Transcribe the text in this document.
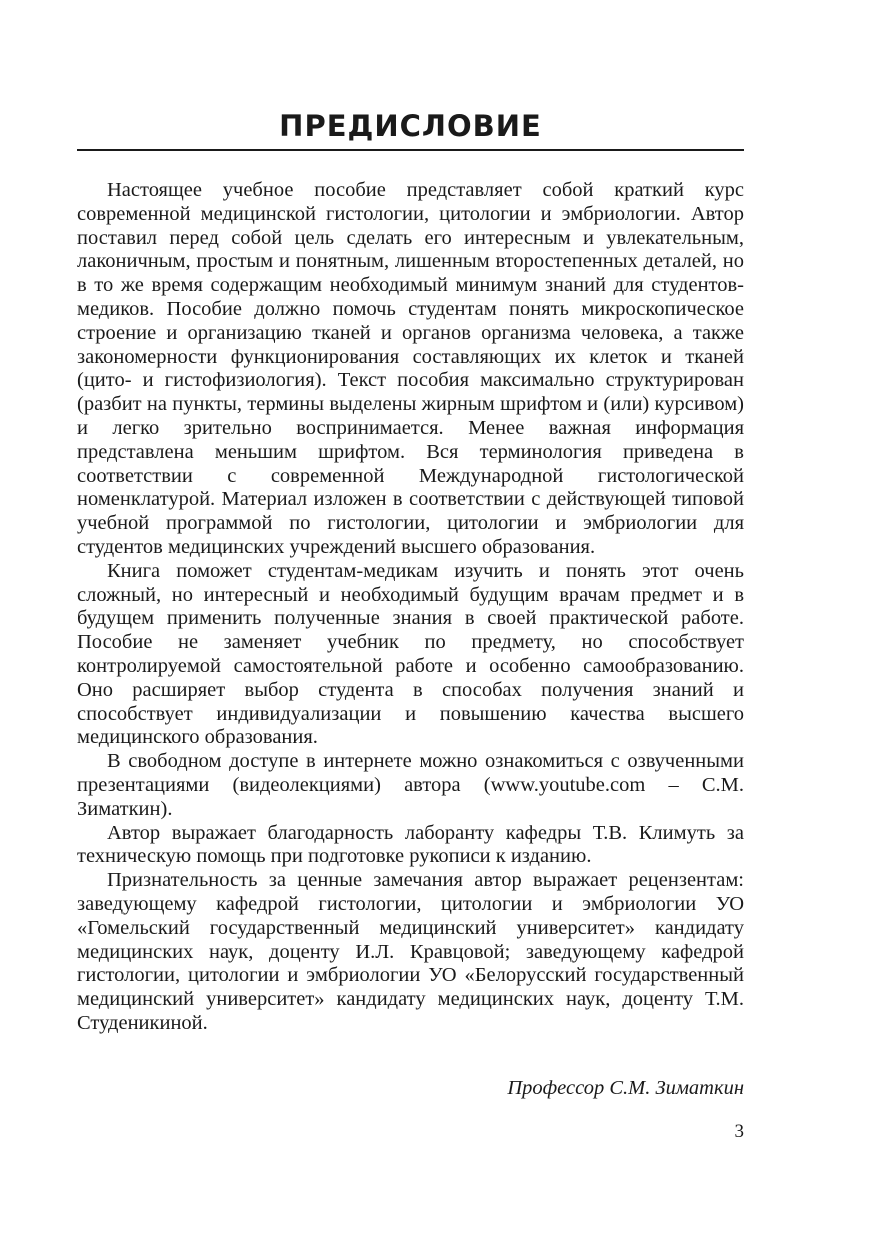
ПРЕДИСЛОВИЕ

Настоящее учебное пособие представляет собой краткий курс современной медицинской гистологии, цитологии и эмбриологии. Автор поставил перед собой цель сделать его интересным и увлекательным, лаконичным, простым и понятным, лишенным второстепенных деталей, но в то же время содержащим необходимый минимум знаний для студентов-медиков. Пособие должно помочь студентам понять микроскопическое строение и организацию тканей и органов организма человека, а также закономерности функционирования составляющих их клеток и тканей (цито- и гистофизиология). Текст пособия максимально структурирован (разбит на пункты, термины выделены жирным шрифтом и (или) курсивом) и легко зрительно воспринимается. Менее важная информация представлена меньшим шрифтом. Вся терминология приведена в соответствии с современной Международной гистологической номенклатурой. Материал изложен в соответствии с действующей типовой учебной программой по гистологии, цитологии и эмбриологии для студентов медицинских учреждений высшего образования.

Книга поможет студентам-медикам изучить и понять этот очень сложный, но интересный и необходимый будущим врачам предмет и в будущем применить полученные знания в своей практической работе. Пособие не заменяет учебник по предмету, но способствует контролируемой самостоятельной работе и особенно самообразованию. Оно расширяет выбор студента в способах получения знаний и способствует индивидуализации и повышению качества высшего медицинского образования.

В свободном доступе в интернете можно ознакомиться с озвученными презентациями (видеолекциями) автора (www.youtube.com – С.М. Зиматкин).

Автор выражает благодарность лаборанту кафедры Т.В. Климуть за техническую помощь при подготовке рукописи к изданию.

Признательность за ценные замечания автор выражает рецензентам: заведующему кафедрой гистологии, цитологии и эмбриологии УО «Гомельский государственный медицинский университет» кандидату медицинских наук, доценту И.Л. Кравцовой; заведующему кафедрой гистологии, цитологии и эмбриологии УО «Белорусский государственный медицинский университет» кандидату медицинских наук, доценту Т.М. Студеникиной.

Профессор С.М. Зиматкин
3
